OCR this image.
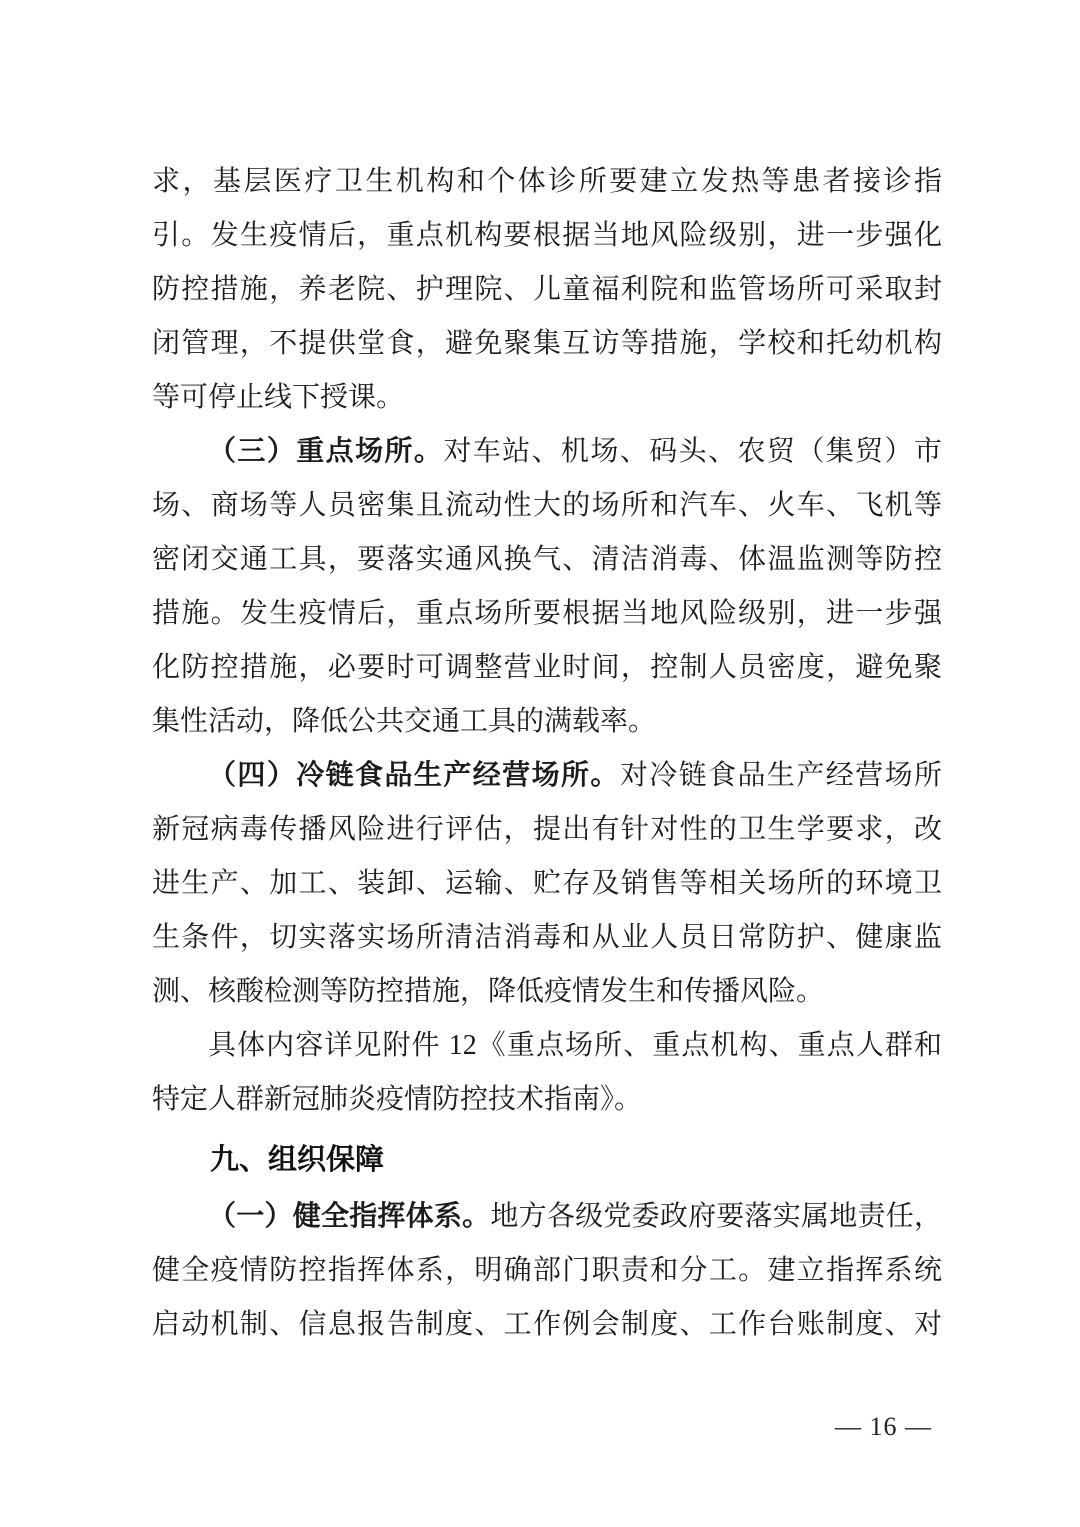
求，基层医疗卫生机构和个体诊所要建立发热等患者接诊指
引。发生疫情后，重点机构要根据当地风险级别，进一步强化
防控措施，养老院、护理院、儿童福利院和监管场所可采取封
闭管理，不提供堂食，避免聚集互访等措施，学校和托幼机构
等可停止线下授课。
（三）重点场所。对车站、机场、码头、农贸（集贸）市
场、商场等人员密集且流动性大的场所和汽车、火车、飞机等
密闭交通工具，要落实通风换气、清洁消毒、体温监测等防控
措施。发生疫情后，重点场所要根据当地风险级别，进一步强
化防控措施，必要时可调整营业时间，控制人员密度，避免聚
集性活动，降低公共交通工具的满载率。
（四）冷链食品生产经营场所。对冷链食品生产经营场所
新冠病毒传播风险进行评估，提出有针对性的卫生学要求，改
进生产、加工、装卸、运输、贮存及销售等相关场所的环境卫
生条件，切实落实场所清洁消毒和从业人员日常防护、健康监
测、核酸检测等防控措施，降低疫情发生和传播风险。
具体内容详见附件 12《重点场所、重点机构、重点人群和
特定人群新冠肺炎疫情防控技术指南》。
九、组织保障
（一）健全指挥体系。地方各级党委政府要落实属地责任，
健全疫情防控指挥体系，明确部门职责和分工。建立指挥系统
启动机制、信息报告制度、工作例会制度、工作台账制度、对
— 16 —
